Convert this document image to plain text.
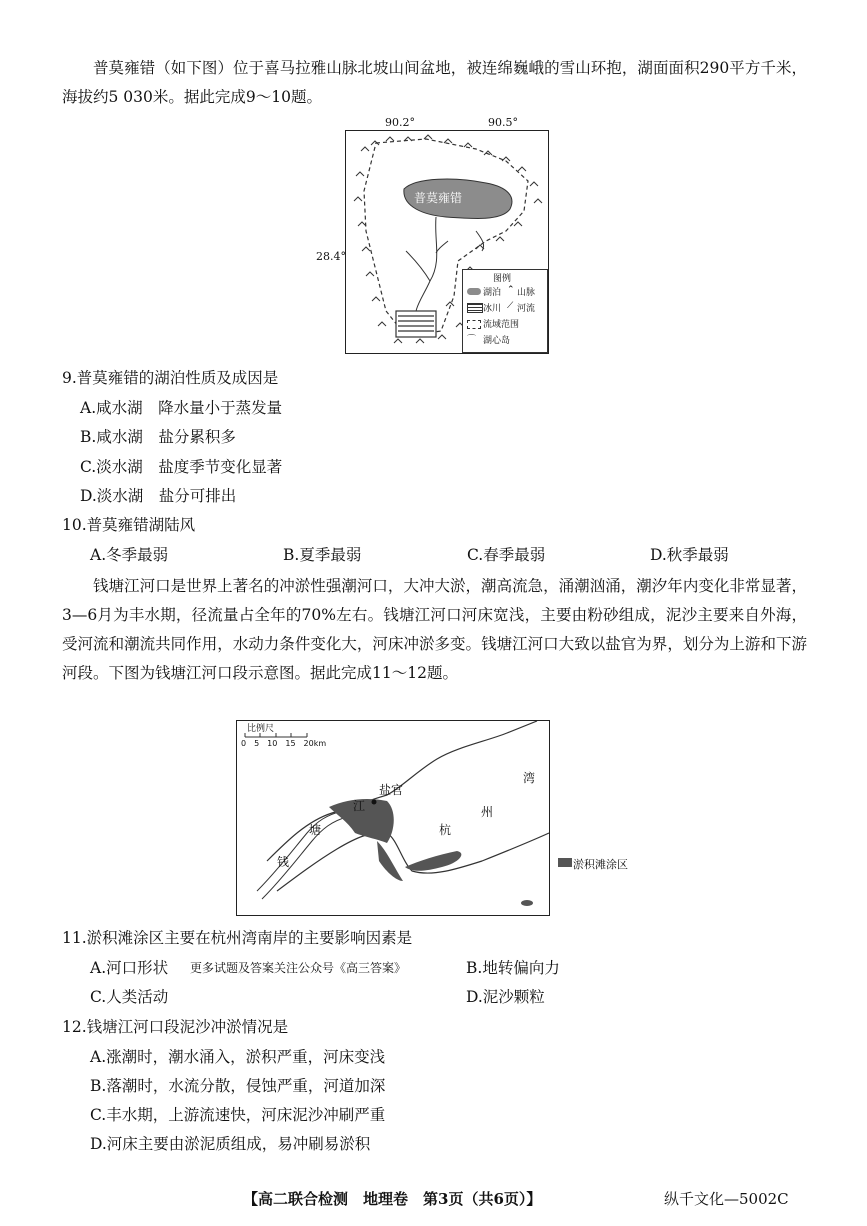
普莫雍错（如下图）位于喜马拉雅山脉北坡山间盆地，被连绵巍峨的雪山环抱，湖面面积290平方千米，海拔约5 030米。据此完成9～10题。
普莫雍错
图例
湖泊 ⌃ 山脉
冰川 ⟋ 河流
流域范围
⌒ 湖心岛
90.2°	90.5°
28.4°
9.普莫雍错的湖泊性质及成因是
A.咸水湖　降水量小于蒸发量
B.咸水湖　盐分累积多
C.淡水湖　盐度季节变化显著
D.淡水湖　盐分可排出
10.普莫雍错湖陆风
A.冬季最弱	B.夏季最弱	C.春季最弱	D.秋季最弱
钱塘江河口是世界上著名的冲淤性强潮河口，大冲大淤，潮高流急，涌潮汹涌，潮汐年内变化非常显著，3—6月为丰水期，径流量占全年的70%左右。钱塘江河口河床宽浅，主要由粉砂组成，泥沙主要来自外海，受河流和潮流共同作用，水动力条件变化大，河床冲淤多变。钱塘江河口大致以盐官为界，划分为上游和下游河段。下图为钱塘江河口段示意图。据此完成11～12题。
比例尺
0　5　10　15　20km
盐官
江
塘
钱
杭
州
湾
淤积滩涂区
11.淤积滩涂区主要在杭州湾南岸的主要影响因素是
A.河口形状 更多试题及答案关注公众号《高三答案》	B.地转偏向力
C.人类活动	D.泥沙颗粒
12.钱塘江河口段泥沙冲淤情况是
A.涨潮时，潮水涌入，淤积严重，河床变浅
B.落潮时，水流分散，侵蚀严重，河道加深
C.丰水期，上游流速快，河床泥沙冲刷严重
D.河床主要由淤泥质组成，易冲刷易淤积
【高二联合检测　地理卷　第3页（共6页）】	纵千文化—5002C
